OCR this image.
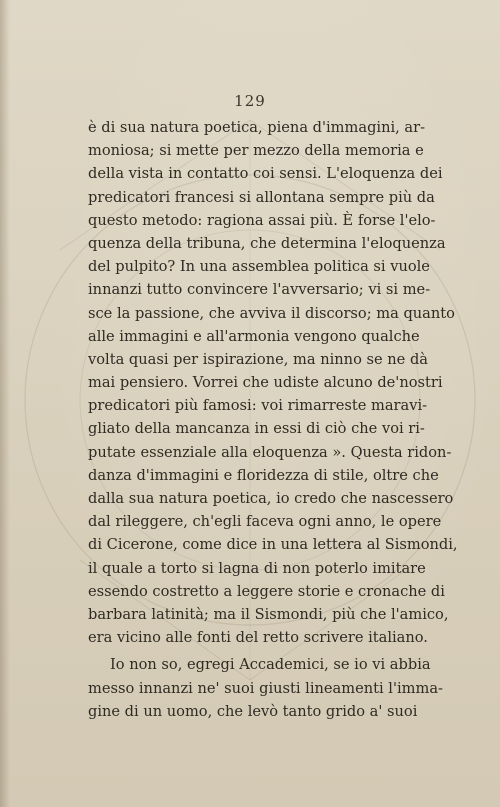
129
è di sua natura poetica, piena d'immagini, ar-
moniosa; si mette per mezzo della memoria e
della vista in contatto coi sensi. L'eloquenza dei
predicatori francesi si allontana sempre più da
questo metodo: ragiona assai più. È forse l'elo-
quenza della tribuna, che determina l'eloquenza
del pulpito? In una assemblea politica si vuole
innanzi tutto convincere l'avversario; vi si me-
sce la passione, che avviva il discorso; ma quanto
alle immagini e all'armonia vengono qualche
volta quasi per ispirazione, ma ninno se ne dà
mai pensiero. Vorrei che udiste alcuno de'nostri
predicatori più famosi: voi rimarreste maravi-
gliato della mancanza in essi di ciò che voi ri-
putate essenziale alla eloquenza ». Questa ridon-
danza d'immagini e floridezza di stile, oltre che
dalla sua natura poetica, io credo che nascessero
dal rileggere, ch'egli faceva ogni anno, le opere
di Cicerone, come dice in una lettera al Sismondi,
il quale a torto si lagna di non poterlo imitare
essendo costretto a leggere storie e cronache di
barbara latinità; ma il Sismondi, più che l'amico,
era vicino alle fonti del retto scrivere italiano.
Io non so, egregi Accademici, se io vi abbia
messo innanzi ne' suoi giusti lineamenti l'imma-
gine di un uomo, che levò tanto grido a' suoi
